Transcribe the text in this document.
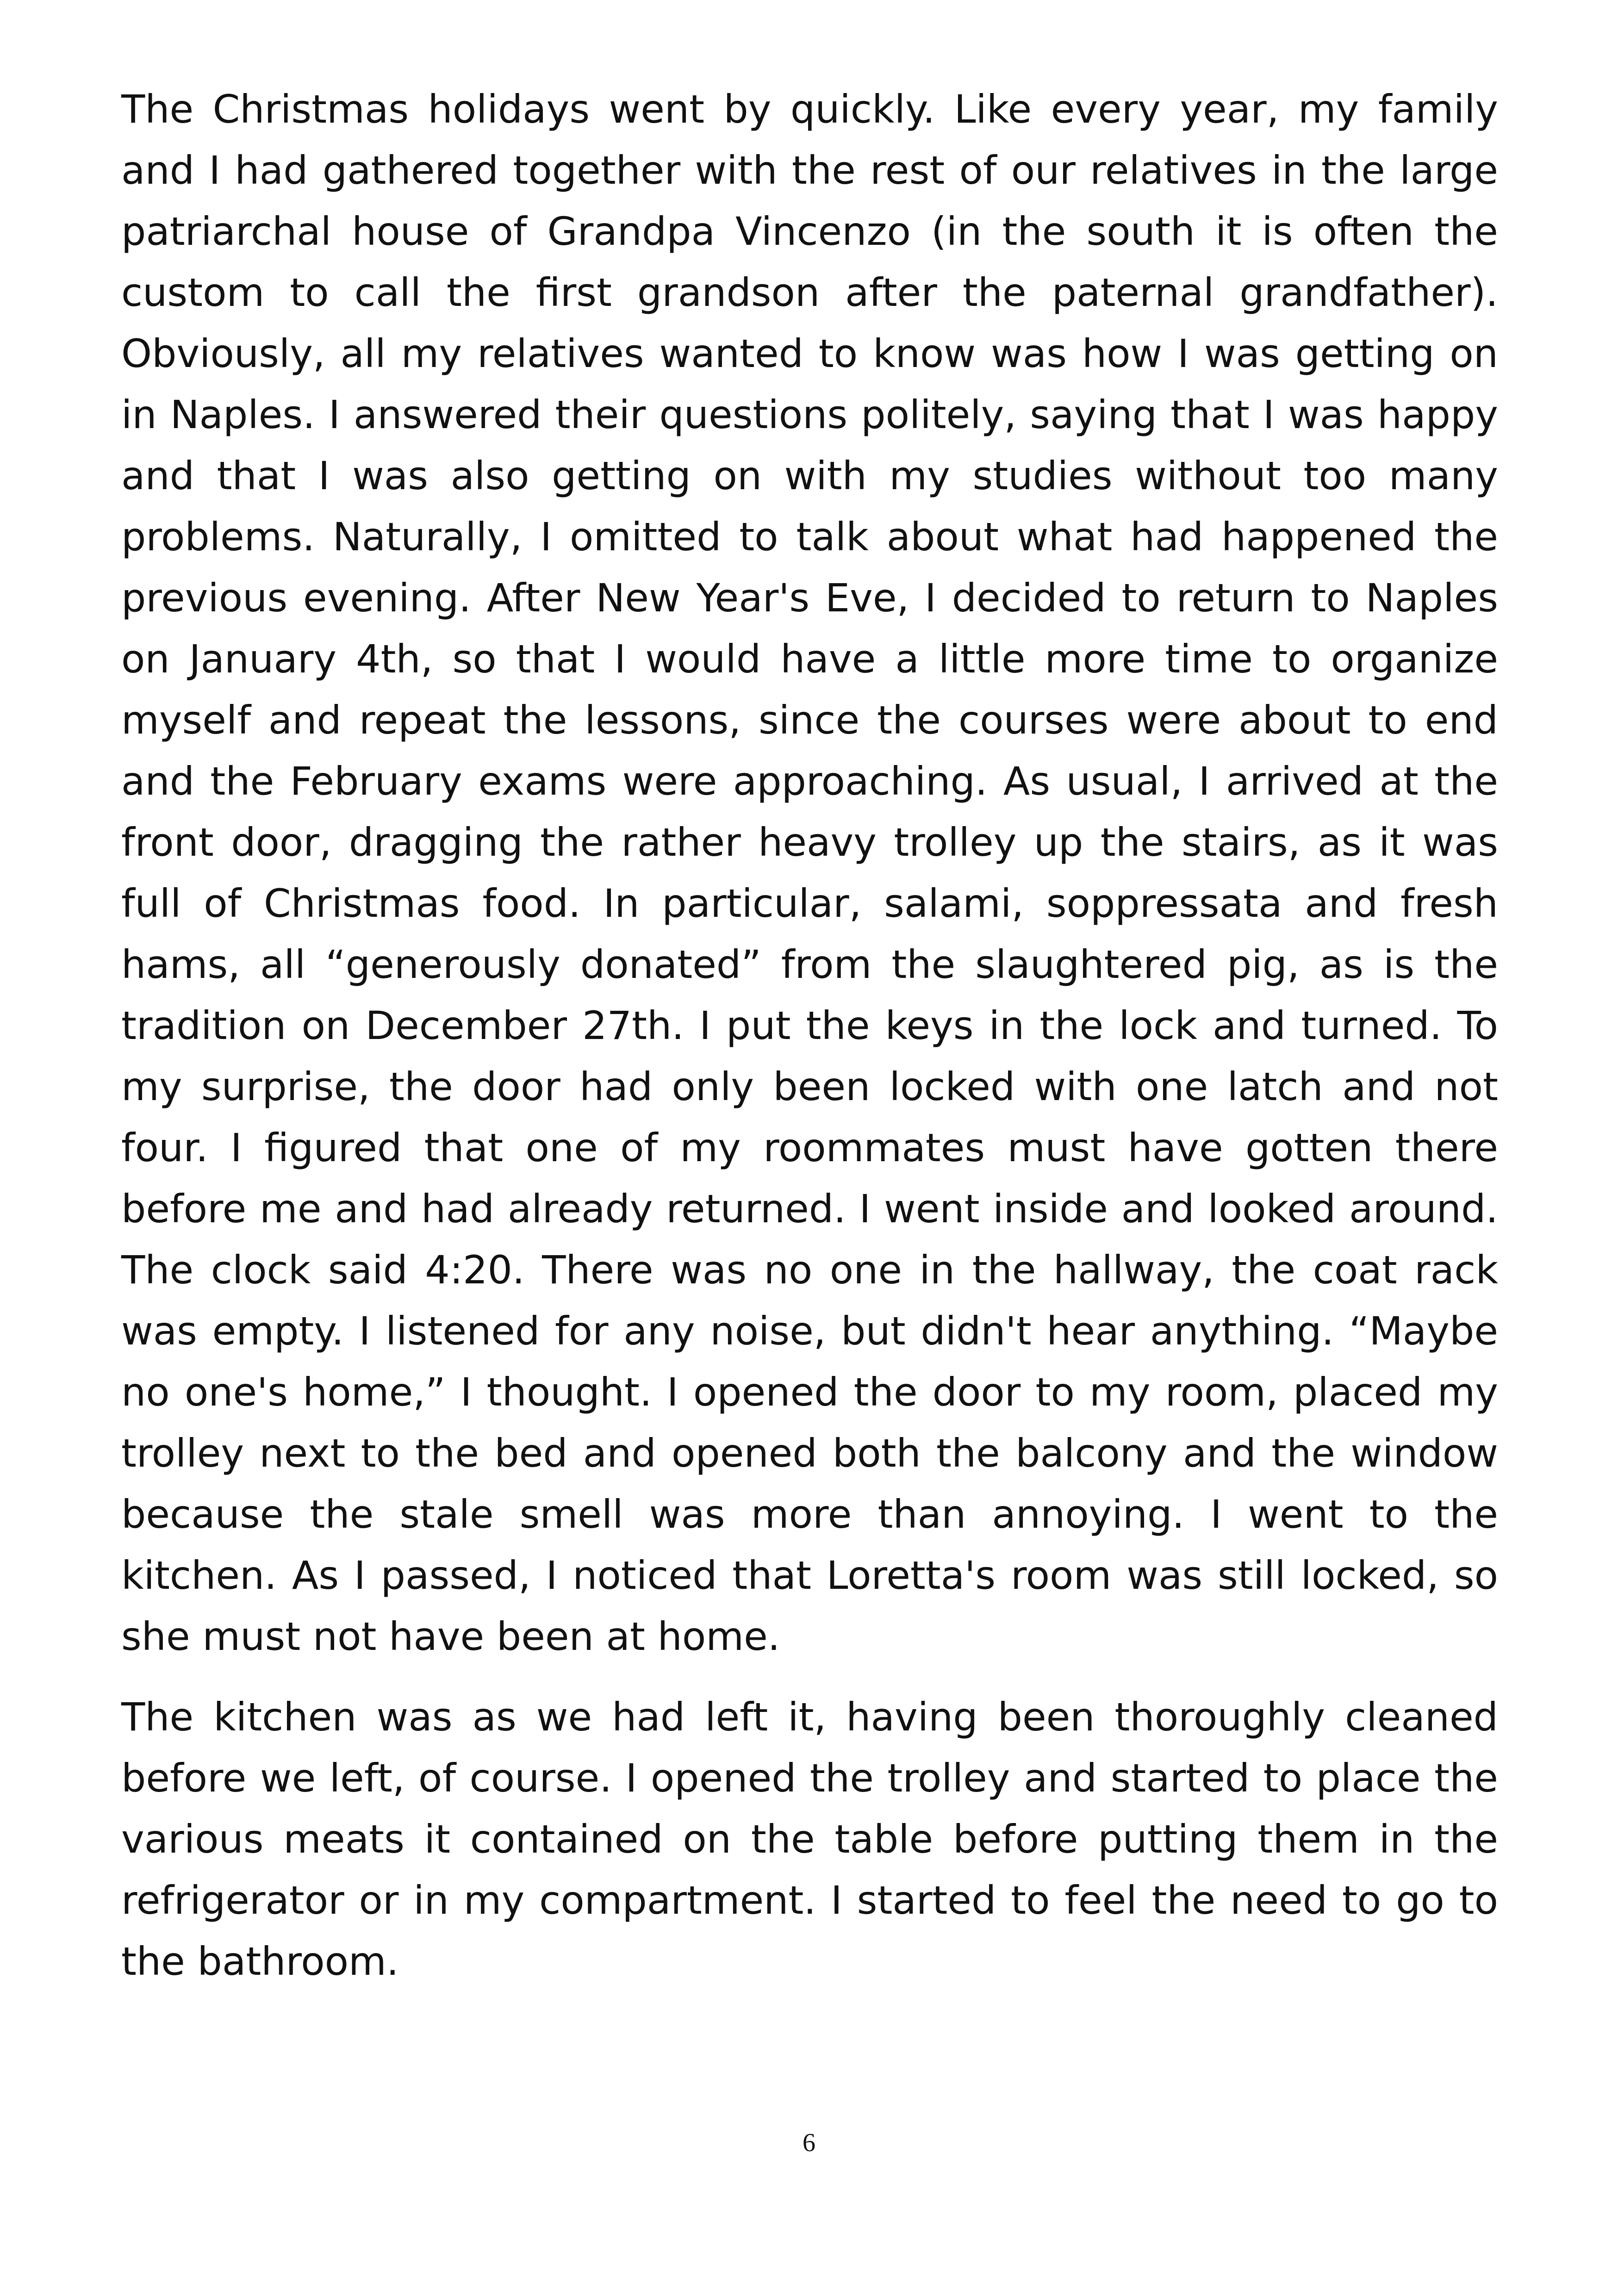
The Christmas holidays went by quickly. Like every year, my family and I had gathered together with the rest of our relatives in the large patriarchal house of Grandpa Vincenzo (in the south it is often the custom to call the first grandson after the paternal grandfather). Obviously, all my relatives wanted to know was how I was getting on in Naples. I answered their questions politely, saying that I was happy and that I was also getting on with my studies without too many problems. Naturally, I omitted to talk about what had happened the previous evening. After New Year's Eve, I decided to return to Naples on January 4th, so that I would have a little more time to organize myself and repeat the lessons, since the courses were about to end and the February exams were approaching. As usual, I arrived at the front door, dragging the rather heavy trolley up the stairs, as it was full of Christmas food. In particular, salami, soppressata and fresh hams, all “generously donated” from the slaughtered pig, as is the tradition on December 27th. I put the keys in the lock and turned. To my surprise, the door had only been locked with one latch and not four. I figured that one of my roommates must have gotten there before me and had already returned. I went inside and looked around. The clock said 4:20. There was no one in the hallway, the coat rack was empty. I listened for any noise, but didn't hear anything. “Maybe no one's home,” I thought. I opened the door to my room, placed my trolley next to the bed and opened both the balcony and the window because the stale smell was more than annoying. I went to the kitchen. As I passed, I noticed that Loretta's room was still locked, so she must not have been at home.

The kitchen was as we had left it, having been thoroughly cleaned before we left, of course. I opened the trolley and started to place the various meats it contained on the table before putting them in the refrigerator or in my compartment. I started to feel the need to go to the bathroom.

6
